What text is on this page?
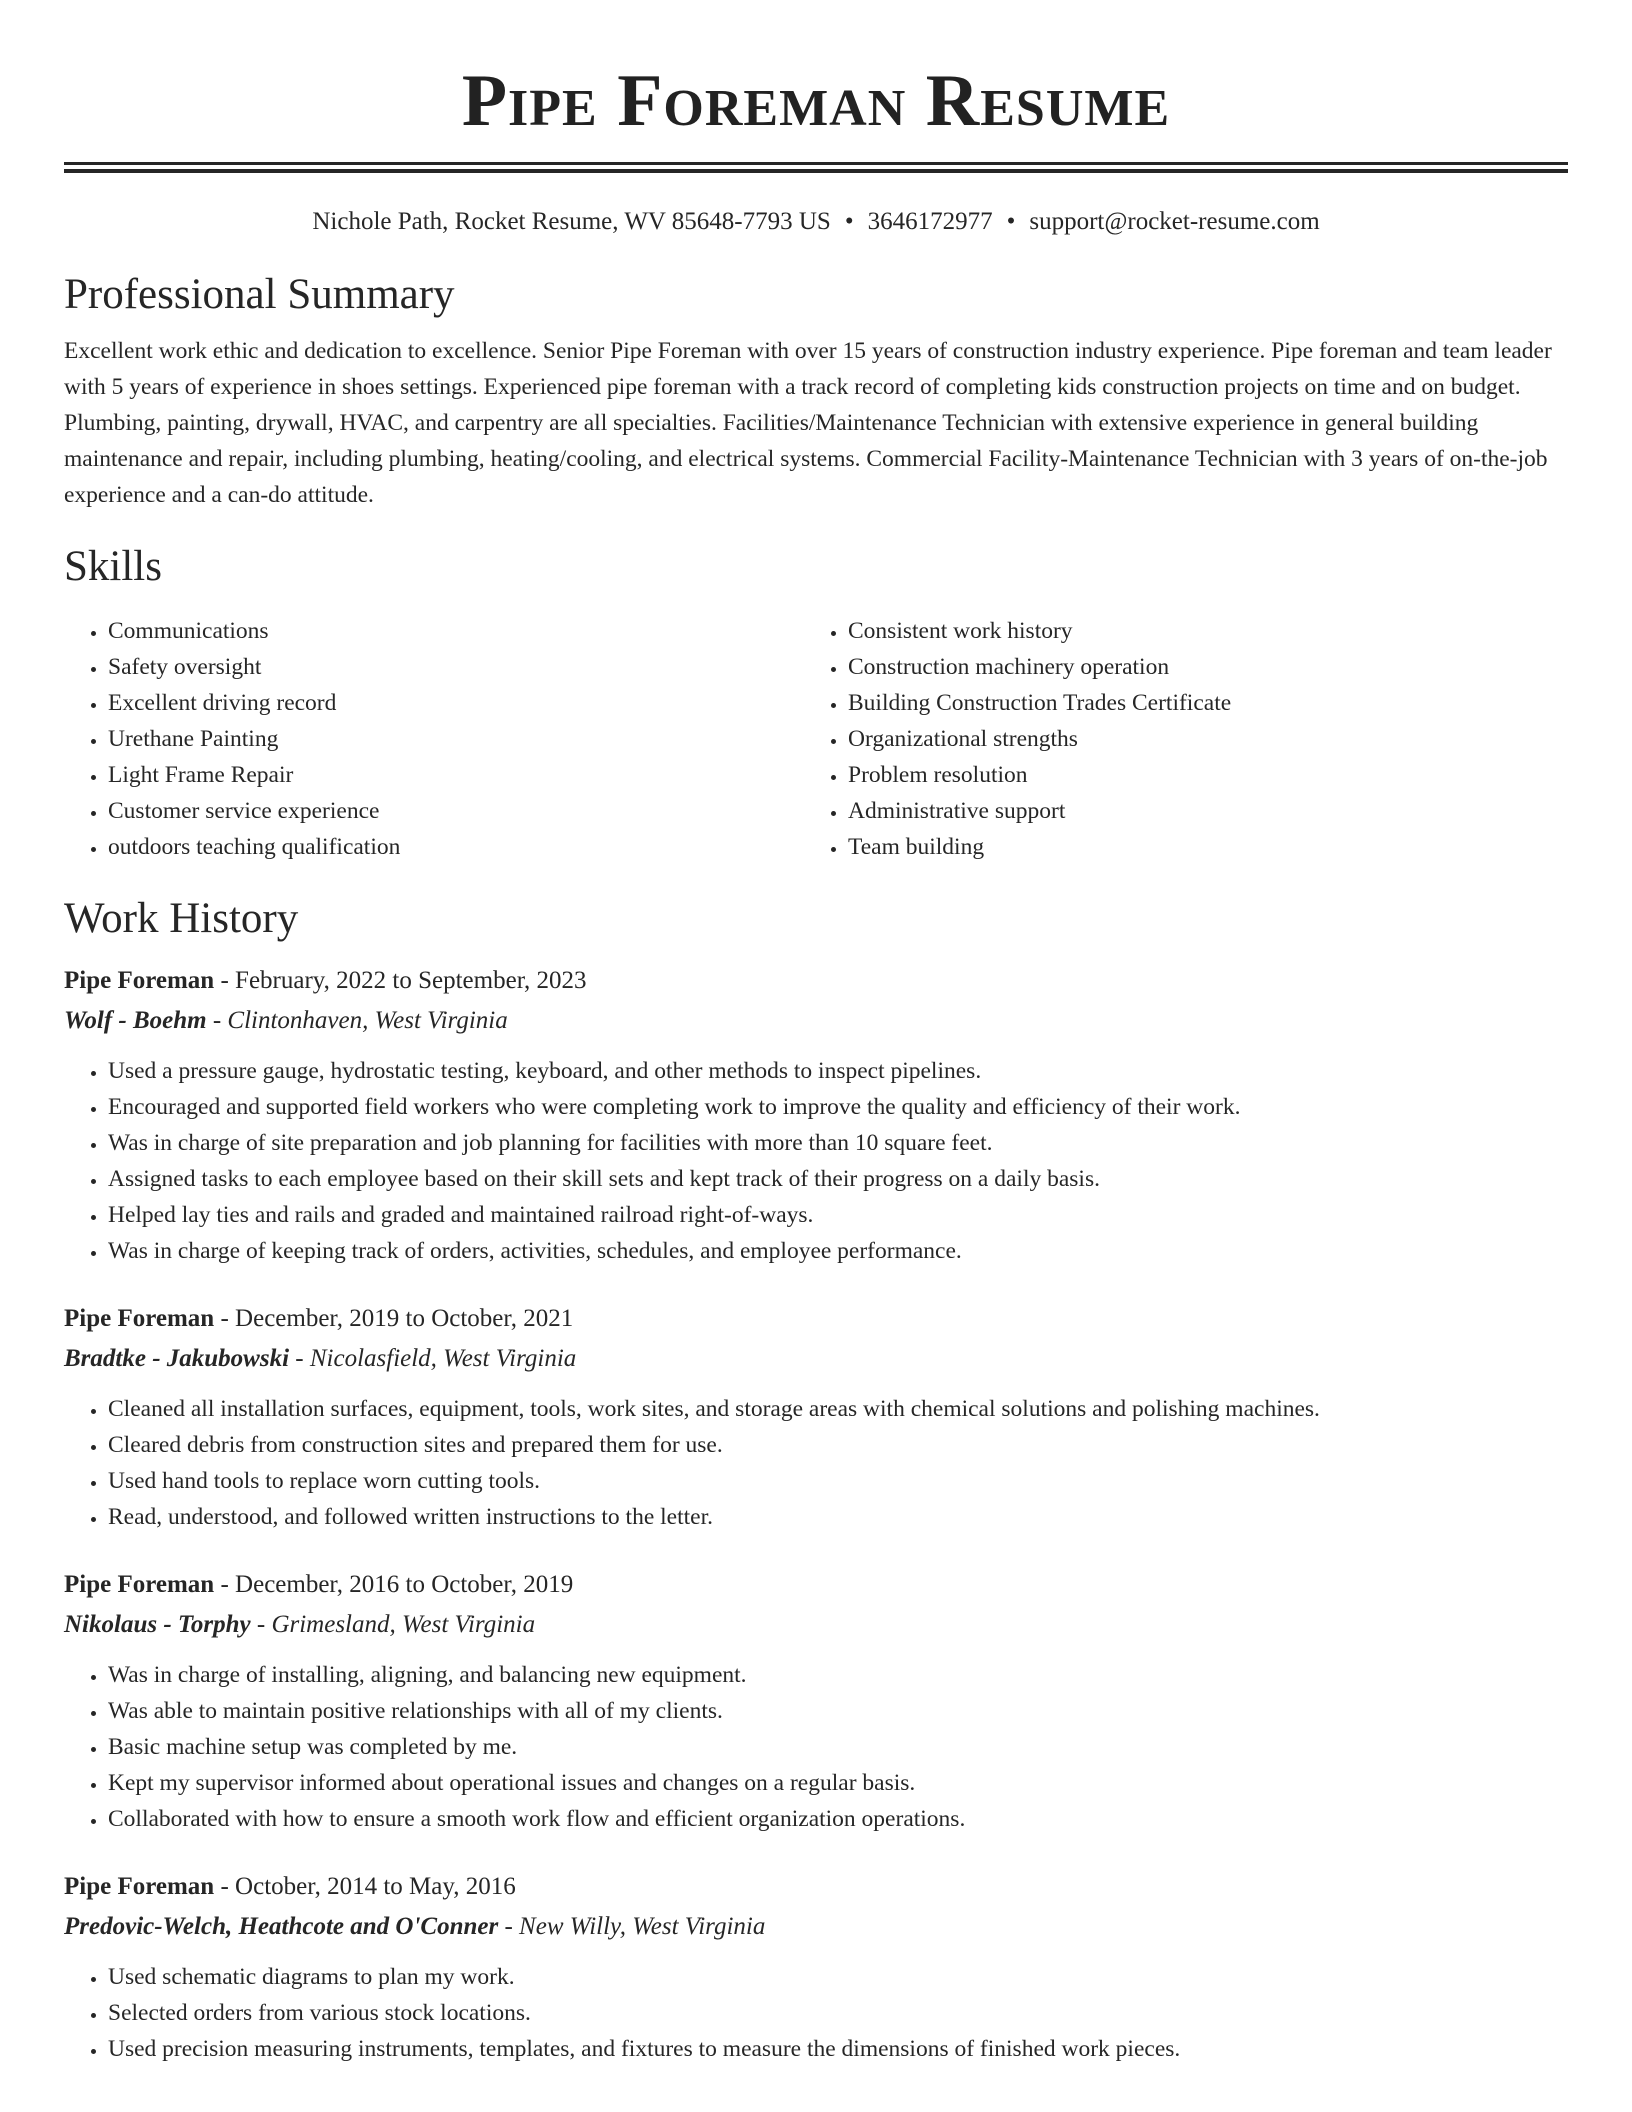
Pipe Foreman Resume
Nichole Path, Rocket Resume, WV 85648-7793 US • 3646172977 • support@rocket-resume.com
Professional Summary

Excellent work ethic and dedication to excellence. Senior Pipe Foreman with over 15 years of construction industry experience. Pipe foreman and team leader with 5 years of experience in shoes settings. Experienced pipe foreman with a track record of completing kids construction projects on time and on budget. Plumbing, painting, drywall, HVAC, and carpentry are all specialties. Facilities/Maintenance Technician with extensive experience in general building maintenance and repair, including plumbing, heating/cooling, and electrical systems. Commercial Facility-Maintenance Technician with 3 years of on-the-job experience and a can-do attitude.

Skills
• Communications
• Safety oversight
• Excellent driving record
• Urethane Painting
• Light Frame Repair
• Customer service experience
• outdoors teaching qualification
• Consistent work history
• Construction machinery operation
• Building Construction Trades Certificate
• Organizational strengths
• Problem resolution
• Administrative support
• Team building
Work History
Pipe Foreman - February, 2022 to September, 2023
Wolf - Boehm - Clintonhaven, West Virginia
• Used a pressure gauge, hydrostatic testing, keyboard, and other methods to inspect pipelines.
• Encouraged and supported field workers who were completing work to improve the quality and efficiency of their work.
• Was in charge of site preparation and job planning for facilities with more than 10 square feet.
• Assigned tasks to each employee based on their skill sets and kept track of their progress on a daily basis.
• Helped lay ties and rails and graded and maintained railroad right-of-ways.
• Was in charge of keeping track of orders, activities, schedules, and employee performance.
Pipe Foreman - December, 2019 to October, 2021
Bradtke - Jakubowski - Nicolasfield, West Virginia
• Cleaned all installation surfaces, equipment, tools, work sites, and storage areas with chemical solutions and polishing machines.
• Cleared debris from construction sites and prepared them for use.
• Used hand tools to replace worn cutting tools.
• Read, understood, and followed written instructions to the letter.
Pipe Foreman - December, 2016 to October, 2019
Nikolaus - Torphy - Grimesland, West Virginia
• Was in charge of installing, aligning, and balancing new equipment.
• Was able to maintain positive relationships with all of my clients.
• Basic machine setup was completed by me.
• Kept my supervisor informed about operational issues and changes on a regular basis.
• Collaborated with how to ensure a smooth work flow and efficient organization operations.
Pipe Foreman - October, 2014 to May, 2016
Predovic-Welch, Heathcote and O'Conner - New Willy, West Virginia
• Used schematic diagrams to plan my work.
• Selected orders from various stock locations.
• Used precision measuring instruments, templates, and fixtures to measure the dimensions of finished work pieces.
